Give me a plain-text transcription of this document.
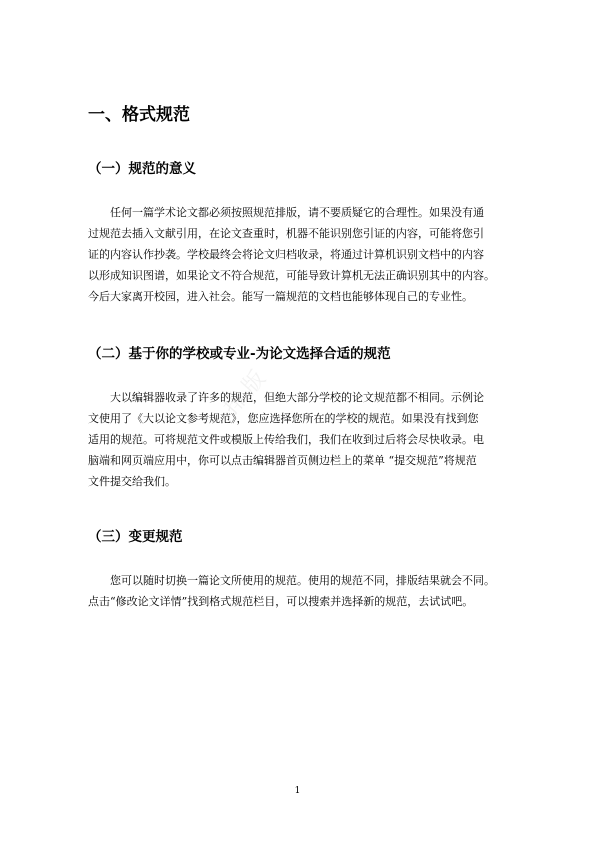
排版
一、格式规范
（一）规范的意义
任何一篇学术论文都必须按照规范排版，请不要质疑它的合理性。如果没有通
过规范去插入文献引用，在论文查重时，机器不能识别您引证的内容，可能将您引
证的内容认作抄袭。学校最终会将论文归档收录，将通过计算机识别文档中的内容
以形成知识图谱，如果论文不符合规范，可能导致计算机无法正确识别其中的内容。
今后大家离开校园，进入社会。能写一篇规范的文档也能够体现自己的专业性。
（二）基于你的学校或专业-为论文选择合适的规范
大以编辑器收录了许多的规范，但绝大部分学校的论文规范都不相同。示例论
文使用了《大以论文参考规范》，您应选择您所在的学校的规范。如果没有找到您
适用的规范。可将规范文件或模版上传给我们，我们在收到过后将会尽快收录。电
脑端和网页端应用中，你可以点击编辑器首页侧边栏上的菜单 “提交规范”将规范
文件提交给我们。
（三）变更规范
您可以随时切换一篇论文所使用的规范。使用的规范不同，排版结果就会不同。
点击“修改论文详情”找到格式规范栏目，可以搜索并选择新的规范，去试试吧。
1
